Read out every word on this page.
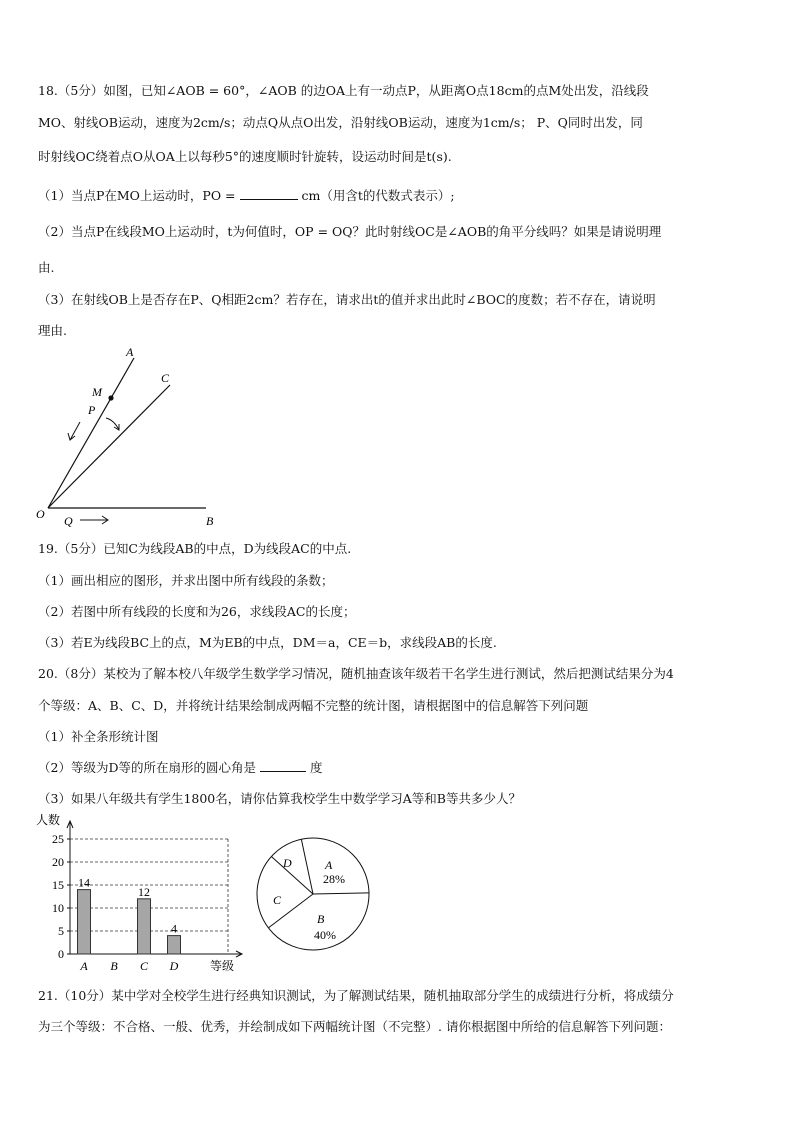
18.（5分）如图，已知∠AOB = 60°，∠AOB 的边OA上有一动点P，从距离O点18cm的点M处出发，沿线段
MO、射线OB运动，速度为2cm/s；动点Q从点O出发，沿射线OB运动，速度为1cm/s； P、Q同时出发，同
时射线OC绕着点O从OA上以每秒5°的速度顺时针旋转，设运动时间是t(s).
（1）当点P在MO上运动时，PO =	cm（用含t的代数式表示）;
（2）当点P在线段MO上运动时，t为何值时，OP = OQ？此时射线OC是∠AOB的角平分线吗？如果是请说明理
由.
（3）在射线OB上是否存在P、Q相距2cm？若存在，请求出t的值并求出此时∠BOC的度数；若不存在，请说明
理由.
A
C
M
P
O Q	B
19.（5分）已知C为线段AB的中点，D为线段AC的中点.
（1）画出相应的图形，并求出图中所有线段的条数；
（2）若图中所有线段的长度和为26，求线段AC的长度；
（3）若E为线段BC上的点，M为EB的中点，DM＝a，CE＝b，求线段AB的长度.
20.（8分）某校为了解本校八年级学生数学学习情况，随机抽查该年级若干名学生进行测试，然后把测试结果分为4
个等级：A、B、C、D，并将统计结果绘制成两幅不完整的统计图，请根据图中的信息解答下列问题
（1）补全条形统计图
（2）等级为D等的所在扇形的圆心角是	度
（3）如果八年级共有学生1800名，请你估算我校学生中数学学习A等和B等共多少人？
0
5
10
15
20
25
人数
等级
14
A B
12
C
4
D
A
28%
B
40%
C
D
21.（10分）某中学对全校学生进行经典知识测试，为了解测试结果，随机抽取部分学生的成绩进行分析，将成绩分
为三个等级：不合格、一般、优秀，并绘制成如下两幅统计图（不完整）. 请你根据图中所给的信息解答下列问题：
